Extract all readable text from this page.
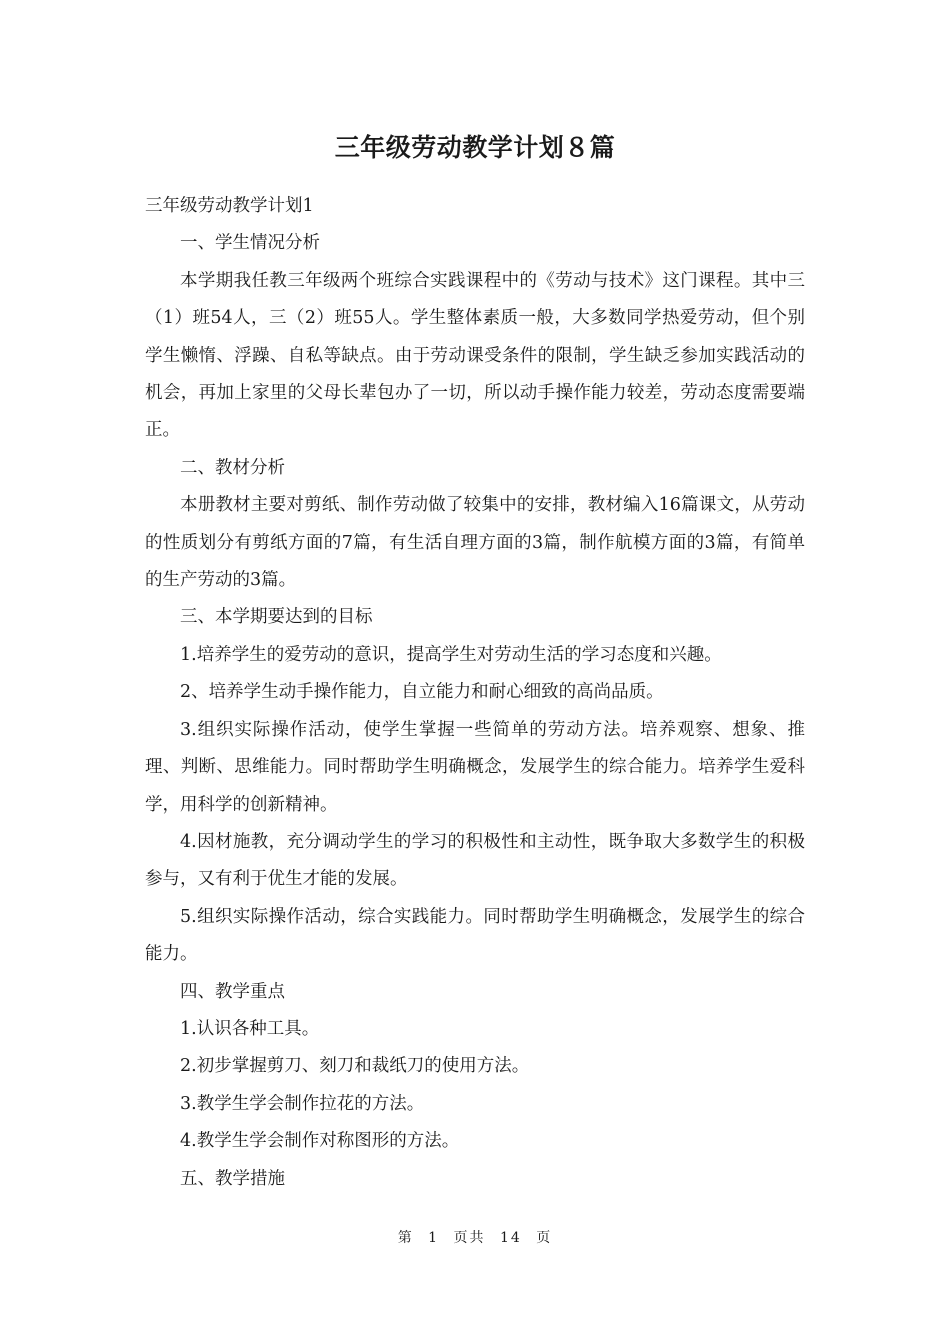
三年级劳动教学计划８篇

三年级劳动教学计划1

一、学生情况分析

本学期我任教三年级两个班综合实践课程中的《劳动与技术》这门课程。其中三（1）班54人，三（2）班55人。学生整体素质一般，大多数同学热爱劳动，但个别学生懒惰、浮躁、自私等缺点。由于劳动课受条件的限制，学生缺乏参加实践活动的机会，再加上家里的父母长辈包办了一切，所以动手操作能力较差，劳动态度需要端正。

二、教材分析

本册教材主要对剪纸、制作劳动做了较集中的安排，教材编入16篇课文，从劳动的性质划分有剪纸方面的7篇，有生活自理方面的3篇，制作航模方面的3篇，有简单的生产劳动的3篇。

三、本学期要达到的目标

1.培养学生的爱劳动的意识，提高学生对劳动生活的学习态度和兴趣。

2、培养学生动手操作能力，自立能力和耐心细致的高尚品质。

3.组织实际操作活动，使学生掌握一些简单的劳动方法。培养观察、想象、推理、判断、思维能力。同时帮助学生明确概念，发展学生的综合能力。培养学生爱科学，用科学的创新精神。

4.因材施教，充分调动学生的学习的积极性和主动性，既争取大多数学生的积极参与，又有利于优生才能的发展。

5.组织实际操作活动，综合实践能力。同时帮助学生明确概念，发展学生的综合能力。

四、教学重点

1.认识各种工具。

2.初步掌握剪刀、刻刀和裁纸刀的使用方法。

3.教学生学会制作拉花的方法。

4.教学生学会制作对称图形的方法。

五、教学措施

第 1 页共 14 页
